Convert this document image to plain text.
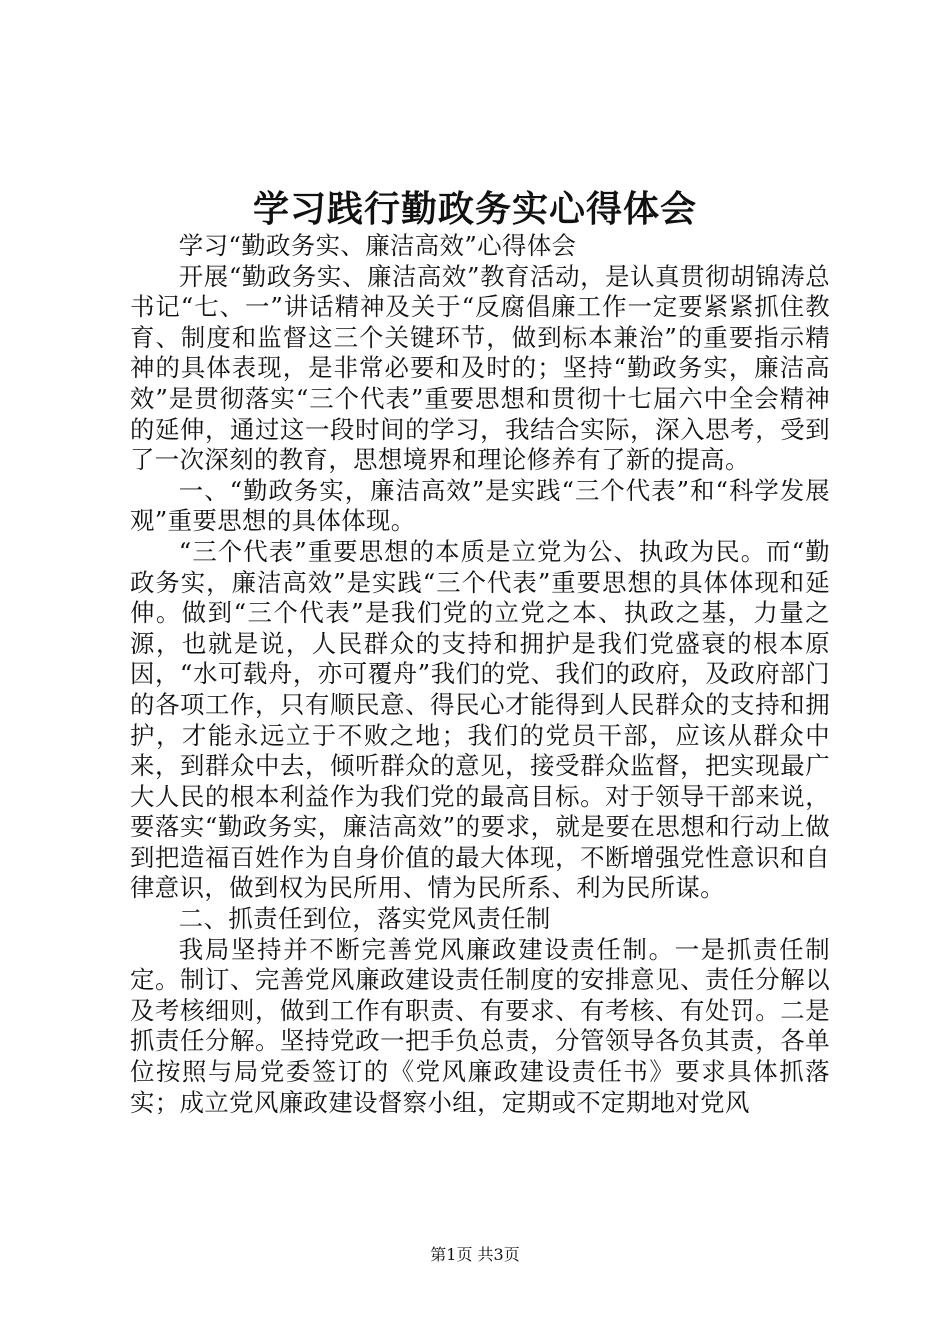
学习践行勤政务实心得体会

学习“勤政务实、廉洁高效”心得体会

开展“勤政务实、廉洁高效”教育活动，是认真贯彻胡锦涛总书记“七、一”讲话精神及关于“反腐倡廉工作一定要紧紧抓住教育、制度和监督这三个关键环节，做到标本兼治”的重要指示精神的具体表现，是非常必要和及时的；坚持“勤政务实，廉洁高效”是贯彻落实“三个代表”重要思想和贯彻十七届六中全会精神的延伸，通过这一段时间的学习，我结合实际，深入思考，受到了一次深刻的教育，思想境界和理论修养有了新的提高。

一、“勤政务实，廉洁高效”是实践“三个代表”和“科学发展观”重要思想的具体体现。

“三个代表”重要思想的本质是立党为公、执政为民。而“勤政务实，廉洁高效”是实践“三个代表”重要思想的具体体现和延伸。做到“三个代表”是我们党的立党之本、执政之基，力量之源，也就是说，人民群众的支持和拥护是我们党盛衰的根本原因，“水可载舟，亦可覆舟”我们的党、我们的政府，及政府部门的各项工作，只有顺民意、得民心才能得到人民群众的支持和拥护，才能永远立于不败之地；我们的党员干部，应该从群众中来，到群众中去，倾听群众的意见，接受群众监督，把实现最广大人民的根本利益作为我们党的最高目标。对于领导干部来说，要落实“勤政务实，廉洁高效”的要求，就是要在思想和行动上做到把造福百姓作为自身价值的最大体现，不断增强党性意识和自律意识，做到权为民所用、情为民所系、利为民所谋。

二、抓责任到位，落实党风责任制

我局坚持并不断完善党风廉政建设责任制。一是抓责任制定。制订、完善党风廉政建设责任制度的安排意见、责任分解以及考核细则，做到工作有职责、有要求、有考核、有处罚。二是抓责任分解。坚持党政一把手负总责，分管领导各负其责，各单位按照与局党委签订的《党风廉政建设责任书》要求具体抓落实；成立党风廉政建设督察小组，定期或不定期地对党风

第1页 共3页
